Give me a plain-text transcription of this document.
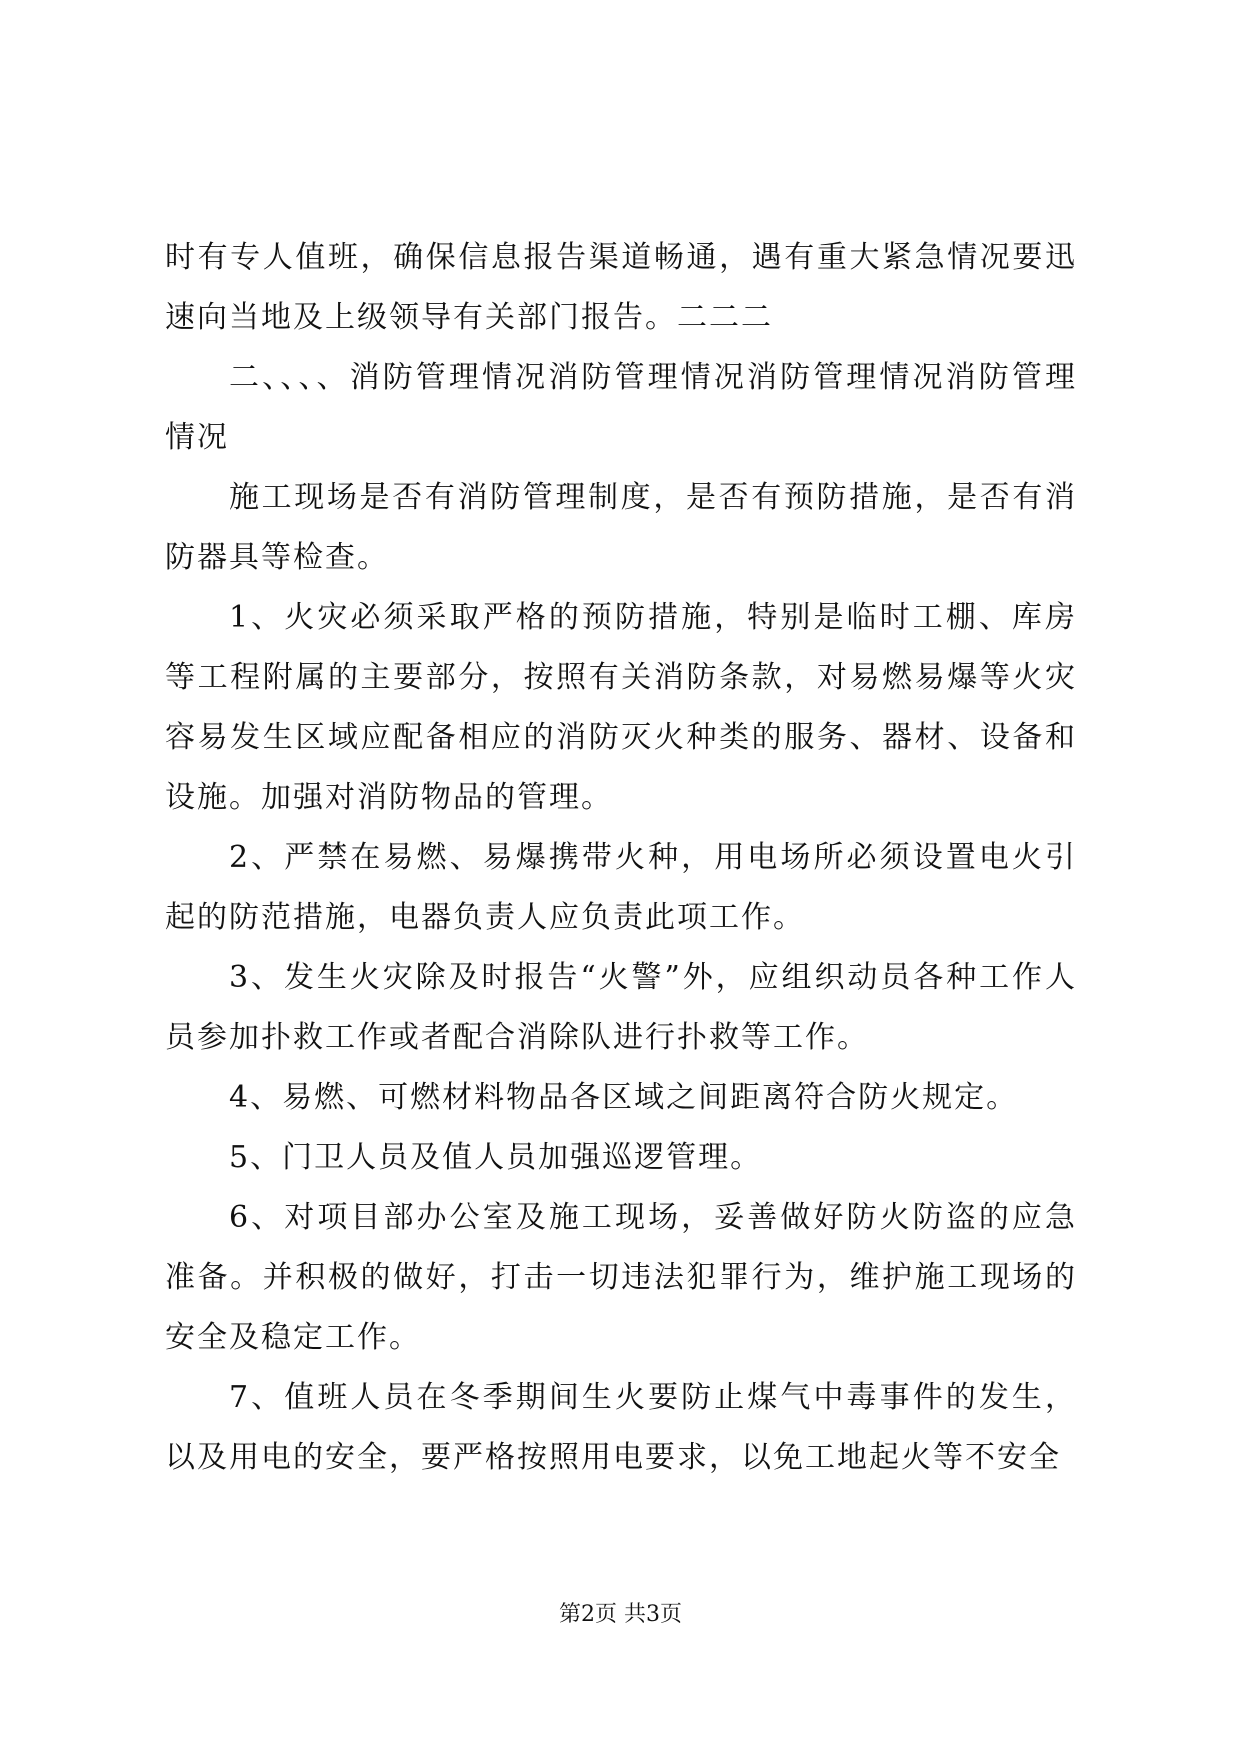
时有专人值班，确保信息报告渠道畅通，遇有重大紧急情况要迅速向当地及上级领导有关部门报告。二二二

二、、、、消防管理情况消防管理情况消防管理情况消防管理情况

施工现场是否有消防管理制度，是否有预防措施，是否有消防器具等检查。

1、火灾必须采取严格的预防措施，特别是临时工棚、库房等工程附属的主要部分，按照有关消防条款，对易燃易爆等火灾容易发生区域应配备相应的消防灭火种类的服务、器材、设备和设施。加强对消防物品的管理。

2、严禁在易燃、易爆携带火种，用电场所必须设置电火引起的防范措施，电器负责人应负责此项工作。

3、发生火灾除及时报告“火警”外，应组织动员各种工作人员参加扑救工作或者配合消除队进行扑救等工作。

4、易燃、可燃材料物品各区域之间距离符合防火规定。

5、门卫人员及值人员加强巡逻管理。

6、对项目部办公室及施工现场，妥善做好防火防盗的应急准备。并积极的做好，打击一切违法犯罪行为，维护施工现场的安全及稳定工作。

7、值班人员在冬季期间生火要防止煤气中毒事件的发生，以及用电的安全，要严格按照用电要求，以免工地起火等不安全

第2页 共3页
